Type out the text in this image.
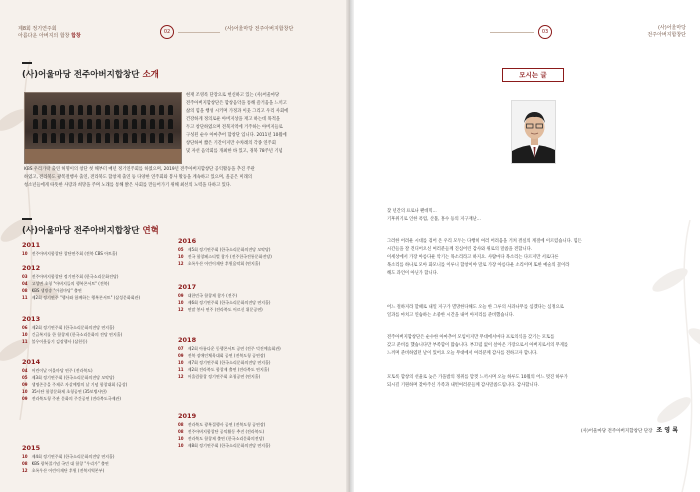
제8회 정기연주회
아름다운 아버지의 합창 합창
02	(사)어울마당 전주아버지합창단
(사)어울마당 전주아버지합창단 소개
현재 조영록 단장으로 헌신하고 있는 (사)어울마당
전주아버지합창단은 합창음악을 통해 즐거움을 느끼고
삶의 힘을 행성 시키며 가정과 이웃 그리고 우리 사회에
건강하게 정의로운 아버지상을 재고 하는데 목적을
두고 창단하였으며 전북지역에 거주하는 아버지들로
구성된 순수 아마추어 합창단 입니다. 2011년 10월에
창단하여 짧은 기간이지만 수차례의 각종 연주회
및 자선 음악회를 개최한 바 있고, 경북 78주년 기념
KBS 우리가락 출연 허명이의 창단 첫 해부터 매년 정기연주회를 하였으며, 2019년 전주아버지합창단 공익활동을 추진 주관
하였고, 전라북도 광복절행사 출연, 전라북도 합창제 출연 등 다양한 연주회와 봉사 활동을 계속하고 있으며, 올곧은 미래의
청소년들에게 따뜻한 사랑과 희망을 주며 노래를 통해 밝은 사회를 만들어가기 위해 최선의 노력을 다하고 있다.
(사)어울마당 전주아버지합창단 연혁
2011
10 전주아버지합창단 창단연주회 (전북 CBS 아트홀)
2012
03 전주아버지합창단 정기연주회 (한국소리문화전당)
04 고성면 초청 "아버지들의 행복콘서트" (전북)
08 KBS 생방송 "아침마당" 출연
11 제2회 정기연주 "행사와 함께하는 행복콘서트" (삼성문화회관)
2013
06 제2회 정기연주회 (한국소리문화의전당 연지홀)
10 긴급복지를 한 합창제 (한국소리문화의 전당 연지홀)
11 불우이웃돕기 김장행사 (삼천동)
2014
04 어린이날 어울마당 연주 (전라북도)
05 제3회 정기연주회 (한국소리문화의전당 모악당)
09 생명존중을 주제로 자살예방의 날 기념 합창대회 (금상)
10 35사단 합창문화제 초청공연 (35보병사단)
09 전라북도청 주관 문화의 주간공연 (전라북도국제관)
2015
10 제4회 정기연주회 (한국소리문화의전당 연지홀)
08 KBS 광복절기념 국민 대 합창 "우리가" 출연
12 초록우산 어린이재단 후원 (전북지역본부)
2016
05 제5회 정기연주회 (한국소리문화의전당 모악당)
10 전국 합창페스티벌 참가 (전주한국전통문화전당)
12 초록우산 어린이재단 후원음악회 (연지홀)
2017
09 대한민국 합창제 참가 (전주)
10 제6회 정기연주회 (한국소리문화의전당 연지홀)
12 연말 봉사 연주 (전라북도 어르신 위문공연)
2018
07 제2회 아름다운 동행콘서트 공연 (전주 덕진예술회관)
09 전북 장애인체육대회 공연 (전북도청 공연장)
10 제7회 정기연주회 (한국소리문화의전당 연지홀)
11 제2회 전라북도 합창제 출연 (전라북도 연지홀)
12 어울림합창 정기연주회 초청공연 (연지홀)
2019
08 전라북도 광복절행사 공연 (전북도청 공연장)
08 전주아버지합창단 공익활동 추진 (전라북도)
10 전라북도 합창제 출연 (한국소리문화의전당)
10 제8회 정기연주회 (한국소리문화의전당 연지홀)
03
(사)어울마당
전주아버지합창단
모시는 글
찾 년간의 프로나 팬데믹...
기후위기로 인한 폭염, 산불, 홍수 등의 지구재난...
그러한 어려운 시대를 겪어 온 우리 모두는 다행히 여러 어려움을 거쳐 결실의 계절에 이르렀습니다. 힘든
시간들을 잘 견디어오신 여러분들께 진심어린 감사와 위로의 말씀을 전합니다.
이세상에서 가장 아름다운 악기는 목소리라고 하지요. 사람마다 목소리는 다르지만 서로다른
목소리를 하나로 모아 화모니를 이루니 합창이야 말로 가장 아름다운 소리이며 또한 예술의 꽃이라
해도 과언이 아닌가 합니다.
어느 절하지라 할때로 내일 지구가 멸망한다해도 오늘 한 그루의 사과나무를 심겠다는 심정으로
일과를 마치고 연습하는 소중한 시간을 내어 아저리를 준비했습니다.
전주아버지합창단은 순수한 아마추어 모임이지만 무대에서마다 프로의식을 갖기는 모토를
갖고 준비를 했습니다만 부족함이 많습니다. 부끄럼 없이 살아온 가장으로서 아버지로서의 무게를
느끼며 준비하였던 날이 있어요 오늘 무대에서 여러분께 감사를 전하고자 합니다.
모토록 합창의 선율로 늦은 가을밤의 정취를 맘껏 느끼시며 오늘 하루도 10월의 어느 멋진 하루가
되시길 기원하며 찾아주신 가족과 내빈여러분들께 감사말씀드립니다. 감사합니다.
(사)어울마당 전주아버지합창단 단장 조 영 록
